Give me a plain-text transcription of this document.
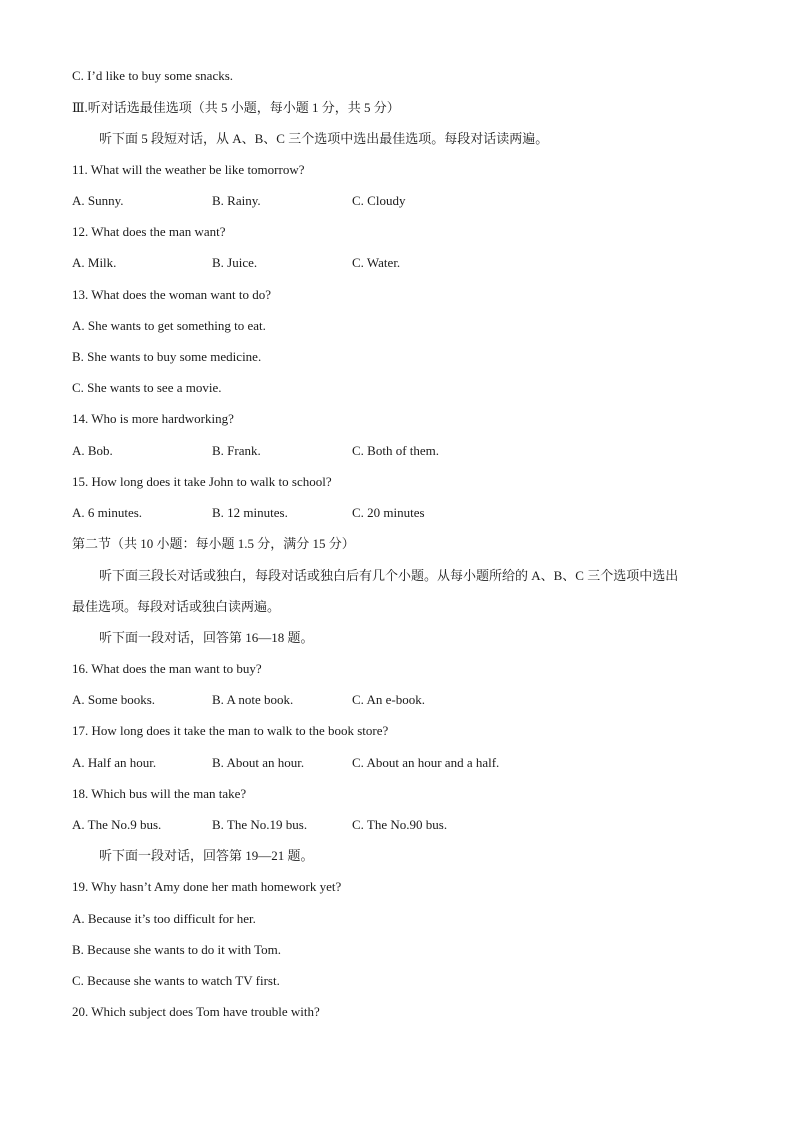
C. I’d like to buy some snacks.
Ⅲ.听对话选最佳选项（共 5 小题，每小题 1 分，共 5 分）
听下面 5 段短对话，从 A、B、C 三个选项中选出最佳选项。每段对话读两遍。
11. What will the weather be like tomorrow?
A. Sunny.	B. Rainy.	C. Cloudy
12. What does the man want?
A. Milk.	B. Juice.	C. Water.
13. What does the woman want to do?
A. She wants to get something to eat.
B. She wants to buy some medicine.
C. She wants to see a movie.
14. Who is more hardworking?
A. Bob.	B. Frank.	C. Both of them.
15. How long does it take John to walk to school?
A. 6 minutes.	B. 12 minutes.	C. 20 minutes
第二节（共 10 小题：每小题 1.5 分，满分 15 分）
听下面三段长对话或独白，每段对话或独白后有几个小题。从每小题所给的 A、B、C 三个选项中选出
最佳选项。每段对话或独白读两遍。
听下面一段对话，回答第 16—18 题。
16. What does the man want to buy?
A. Some books.	B. A note book.	C. An e-book.
17. How long does it take the man to walk to the book store?
A. Half an hour.	B. About an hour.	C. About an hour and a half.
18. Which bus will the man take?
A. The No.9 bus.	B. The No.19 bus.	C. The No.90 bus.
听下面一段对话，回答第 19—21 题。
19. Why hasn’t Amy done her math homework yet?
A. Because it’s too difficult for her.
B. Because she wants to do it with Tom.
C. Because she wants to watch TV first.
20. Which subject does Tom have trouble with?
